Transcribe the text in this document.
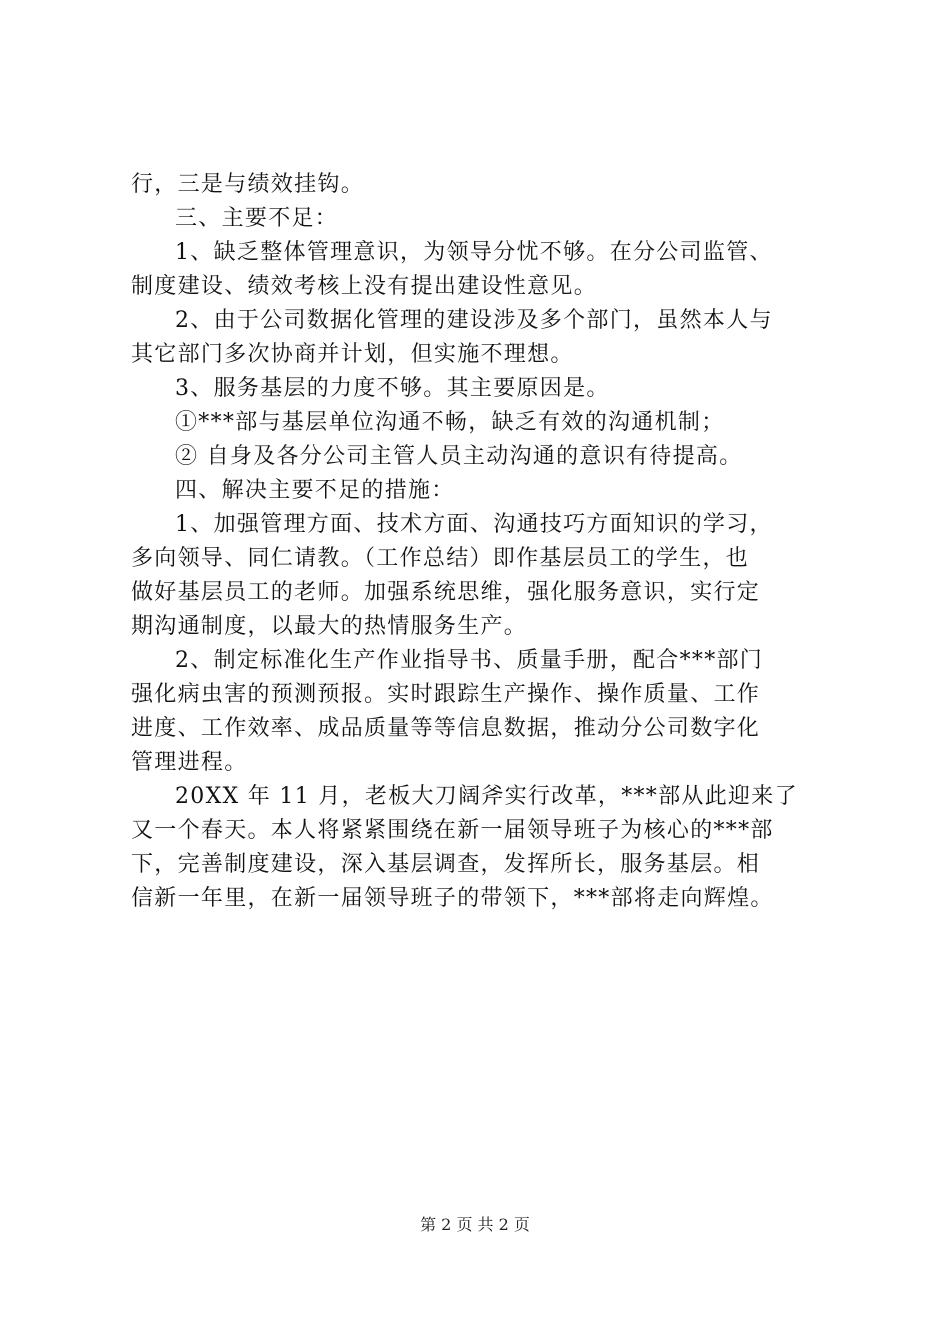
行，三是与绩效挂钩。
三、主要不足：
1、缺乏整体管理意识，为领导分忧不够。在分公司监管、
制度建设、绩效考核上没有提出建设性意见。
2、由于公司数据化管理的建设涉及多个部门，虽然本人与
其它部门多次协商并计划，但实施不理想。
3、服务基层的力度不够。其主要原因是。
①***部与基层单位沟通不畅，缺乏有效的沟通机制；
② 自身及各分公司主管人员主动沟通的意识有待提高。
四、解决主要不足的措施：
1、加强管理方面、技术方面、沟通技巧方面知识的学习，
多向领导、同仁请教。（工作总结）即作基层员工的学生，也
做好基层员工的老师。加强系统思维，强化服务意识，实行定
期沟通制度，以最大的热情服务生产。
2、制定标准化生产作业指导书、质量手册，配合***部门
强化病虫害的预测预报。实时跟踪生产操作、操作质量、工作
进度、工作效率、成品质量等等信息数据，推动分公司数字化
管理进程。
20XX 年 11 月，老板大刀阔斧实行改革，***部从此迎来了
又一个春天。本人将紧紧围绕在新一届领导班子为核心的***部
下，完善制度建设，深入基层调查，发挥所长，服务基层。相
信新一年里，在新一届领导班子的带领下，***部将走向辉煌。
第 2 页 共 2 页
